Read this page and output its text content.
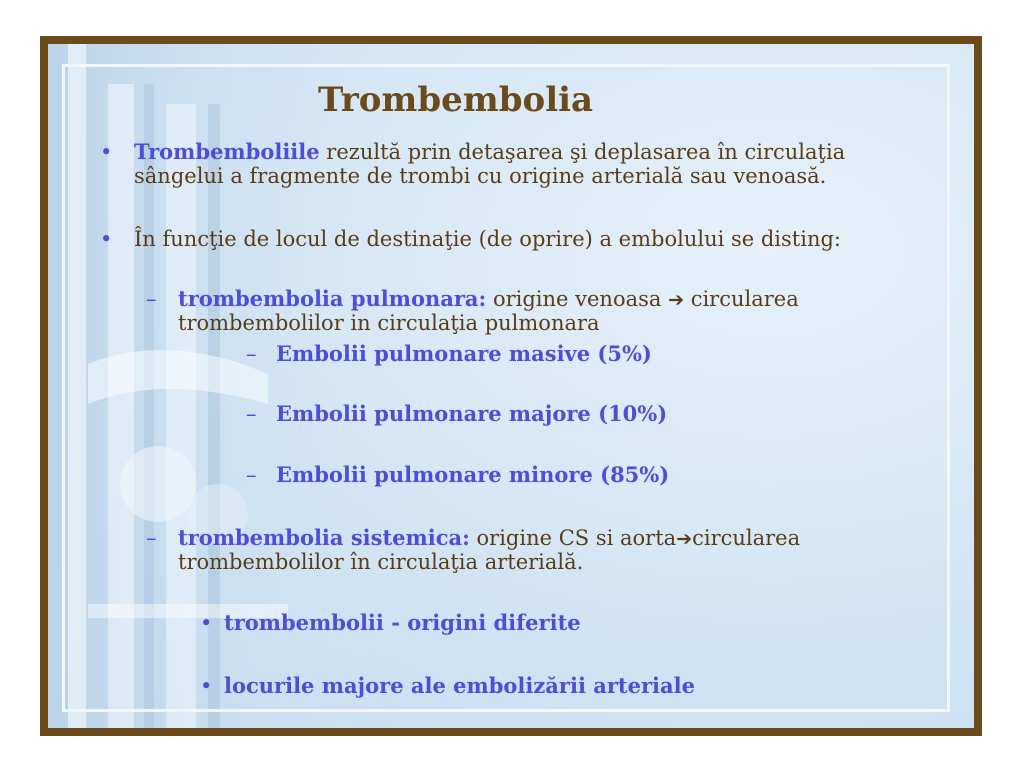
Trombembolia
• Trombemboliile rezultă prin detaşarea şi deplasarea în circulaţia
sângelui a fragmente de trombi cu origine arterială sau venoasă.
• În funcţie de locul de destinaţie (de oprire) a embolului se disting:
– trombembolia pulmonara: origine venoasa ➔ circularea
trombembolilor in circulaţia pulmonara
– Embolii pulmonare masive (5%)
– Embolii pulmonare majore (10%)
– Embolii pulmonare minore (85%)
– trombembolia sistemica: origine CS si aorta➔circularea
trombembolilor în circulaţia arterială.
• trombembolii - origini diferite
• locurile majore ale embolizării arteriale
